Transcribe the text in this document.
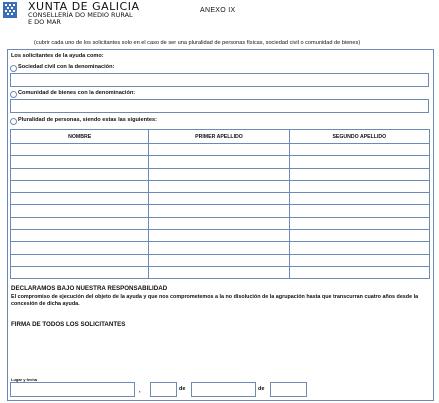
XUNTA DE GALICIA
CONSELLERÍA DO MEDIO RURAL
E DO MAR
ANEXO IX
(cubrir cada uno de los solicitantes solo en el caso de ser una pluralidad de personas físicas, sociedad civil o comunidad de bienes)
Los solicitantes de la ayuda como:
Sociedad civil con la denominación:
Comunidad de bienes con la denominación:
Pluralidad de personas, siendo estas las siguientes:
NOMBRE	PRIMER APELLIDO	SEGUNDO APELLIDO

DECLARAMOS BAJO NUESTRA RESPONSABILIDAD
El compromiso de ejecución del objeto de la ayuda y que nos comprometemos a la no disolución de la agrupación hasta que transcurran cuatro años desde la concesión de dicha ayuda.
FIRMA DE TODOS LOS SOLICITANTES
Lugar y fecha
,	de	de
